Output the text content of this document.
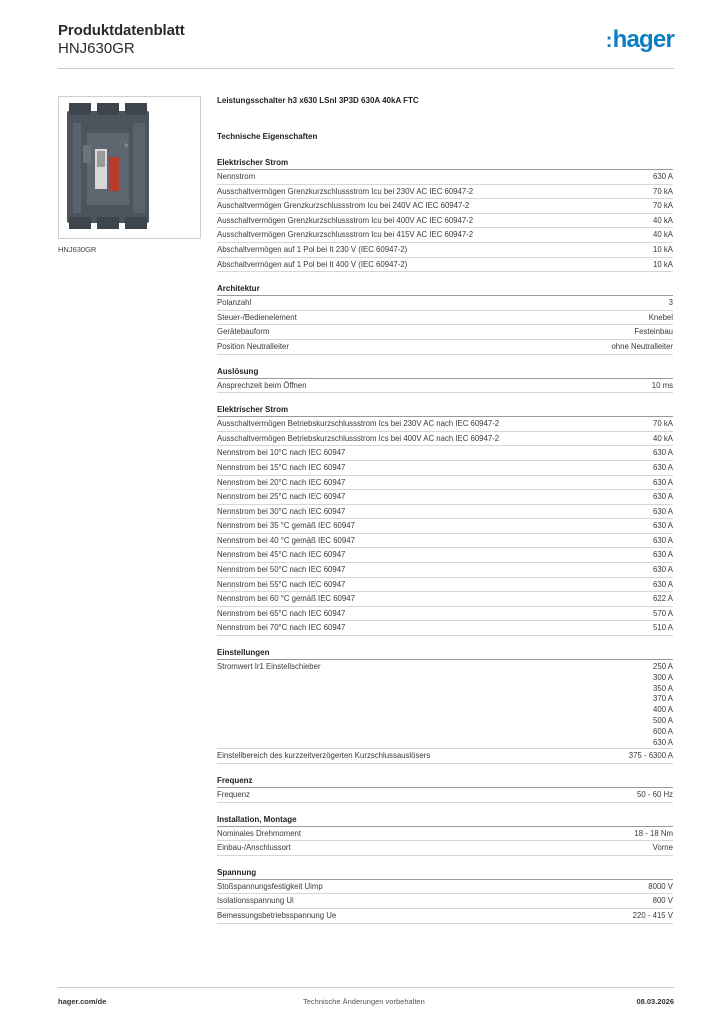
Produktdatenblatt
HNJ630GR	:hager
h
HNJ630GR
Leistungsschalter h3 x630 LSnI 3P3D 630A 40kA FTC
Technische Eigenschaften
Elektrischer Strom
Nennstrom	630 A
Ausschaltvermögen Grenzkurzschlussstrom Icu bei 230V AC IEC 60947-2	70 kA
Auschaltvermögen Grenzkurzschlussstrom Icu bei 240V AC IEC 60947-2	70 kA
Ausschaltvermögen Grenzkurzschlussstrom Icu bei 400V AC IEC 60947-2	40 kA
Ausschaltvermögen Grenzkurzschlussstrom Icu bei 415V AC IEC 60947-2	40 kA
Abschaltvermögen auf 1 Pol bei It 230 V (IEC 60947-2)	10 kA
Abschaltvermögen auf 1 Pol bei It 400 V (IEC 60947-2)	10 kA
Architektur
Polanzahl	3
Steuer-/Bedienelement	Knebel
Gerätebauform	Festeinbau
Position Neutralleiter	ohne Neutralleiter
Auslösung
Ansprechzeit beim Öffnen	10 ms
Elektrischer Strom
Ausschaltvermögen Betriebskurzschlussstrom Ics bei 230V AC nach IEC 60947-2	70 kA
Ausschaltvermögen Betriebskurzschlussstrom Ics bei 400V AC nach IEC 60947-2	40 kA
Nennstrom bei 10°C nach IEC 60947	630 A
Nennstrom bei 15°C nach IEC 60947	630 A
Nennstrom bei 20°C nach IEC 60947	630 A
Nennstrom bei 25°C nach IEC 60947	630 A
Nennstrom bei 30°C nach IEC 60947	630 A
Nennstrom bei 35 °C gemäß IEC 60947	630 A
Nennstrom bei 40 °C gemäß IEC 60947	630 A
Nennstrom bei 45°C nach IEC 60947	630 A
Nennstrom bei 50°C nach IEC 60947	630 A
Nennstrom bei 55°C nach IEC 60947	630 A
Nennstrom bei 60 °C gemäß IEC 60947	622 A
Nennstrom bei 65°C nach IEC 60947	570 A
Nennstrom bei 70°C nach IEC 60947	510 A
Einstellungen
Stromwert Ir1 Einstellschieber	250 A
300 A
350 A
370 A
400 A
500 A
600 A
630 A
Einstellbereich des kurzzeitverzögerten Kurzschlussauslösers	375 - 6300 A
Frequenz
Frequenz	50 - 60 Hz
Installation, Montage
Nominales Drehmoment	18 - 18 Nm
Einbau-/Anschlussort	Vorne
Spannung
Stoßspannungsfestigkeit Uimp	8000 V
Isolationsspannung Ui	800 V
Bemessungsbetriebsspannung Ue	220 - 415 V
hager.com/de	Technische Änderungen vorbehalten	08.03.2026
